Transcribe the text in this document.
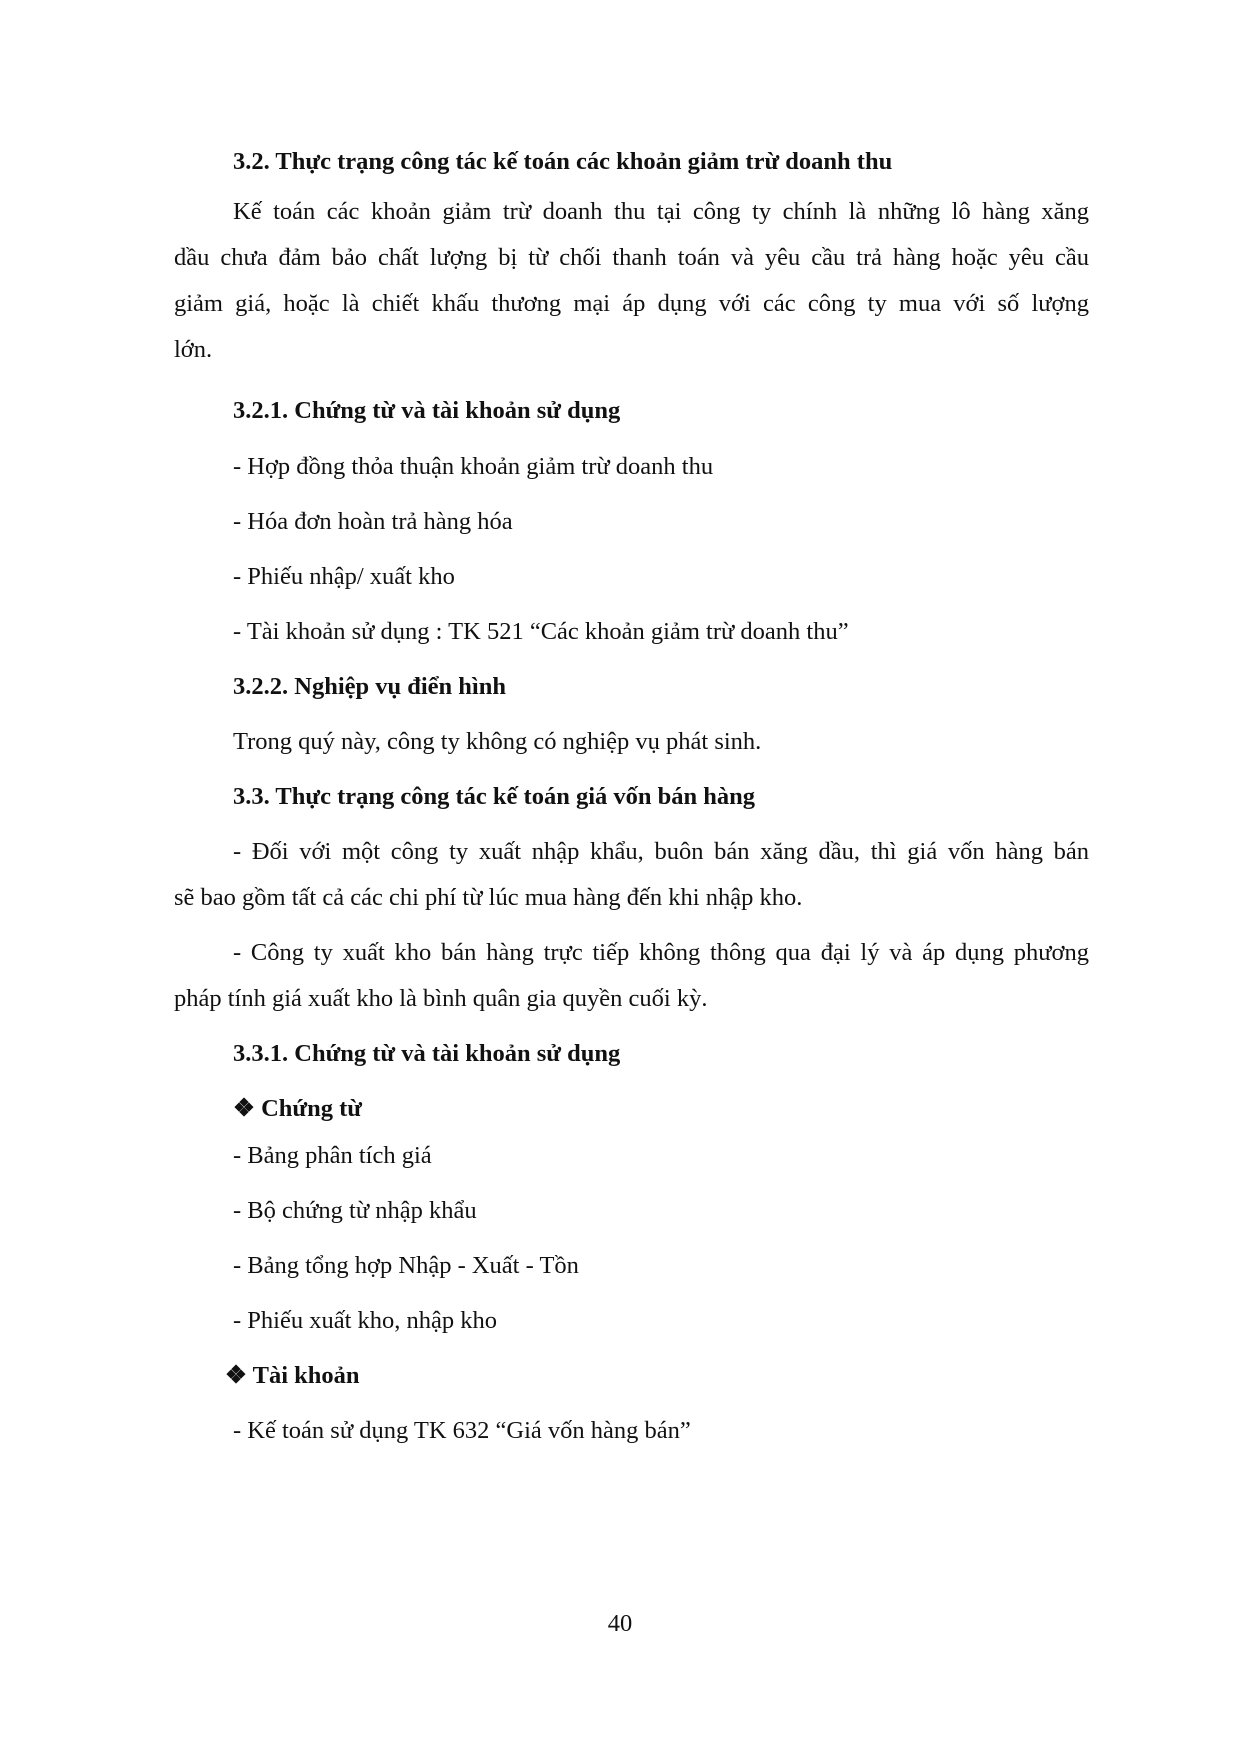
3.2. Thực trạng công tác kế toán các khoản giảm trừ doanh thu
Kế toán các khoản giảm trừ doanh thu tại công ty chính là những lô hàng xăng
dầu chưa đảm bảo chất lượng bị từ chối thanh toán và yêu cầu trả hàng hoặc yêu cầu
giảm giá, hoặc là chiết khấu thương mại áp dụng với các công ty mua với số lượng
lớn.
3.2.1. Chứng từ và tài khoản sử dụng
- Hợp đồng thỏa thuận khoản giảm trừ doanh thu
- Hóa đơn hoàn trả hàng hóa
- Phiếu nhập/ xuất kho
- Tài khoản sử dụng : TK 521 “Các khoản giảm trừ doanh thu”
3.2.2. Nghiệp vụ điển hình
Trong quý này, công ty không có nghiệp vụ phát sinh.
3.3. Thực trạng công tác kế toán giá vốn bán hàng
- Đối với một công ty xuất nhập khẩu, buôn bán xăng dầu, thì giá vốn hàng bán
sẽ bao gồm tất cả các chi phí từ lúc mua hàng đến khi nhập kho.
- Công ty xuất kho bán hàng trực tiếp không thông qua đại lý và áp dụng phương
pháp tính giá xuất kho là bình quân gia quyền cuối kỳ.
3.3.1. Chứng từ và tài khoản sử dụng
❖ Chứng từ
- Bảng phân tích giá
- Bộ chứng từ nhập khẩu
- Bảng tổng hợp Nhập - Xuất - Tồn
- Phiếu xuất kho, nhập kho
❖ Tài khoản
- Kế toán sử dụng TK 632 “Giá vốn hàng bán”
40
